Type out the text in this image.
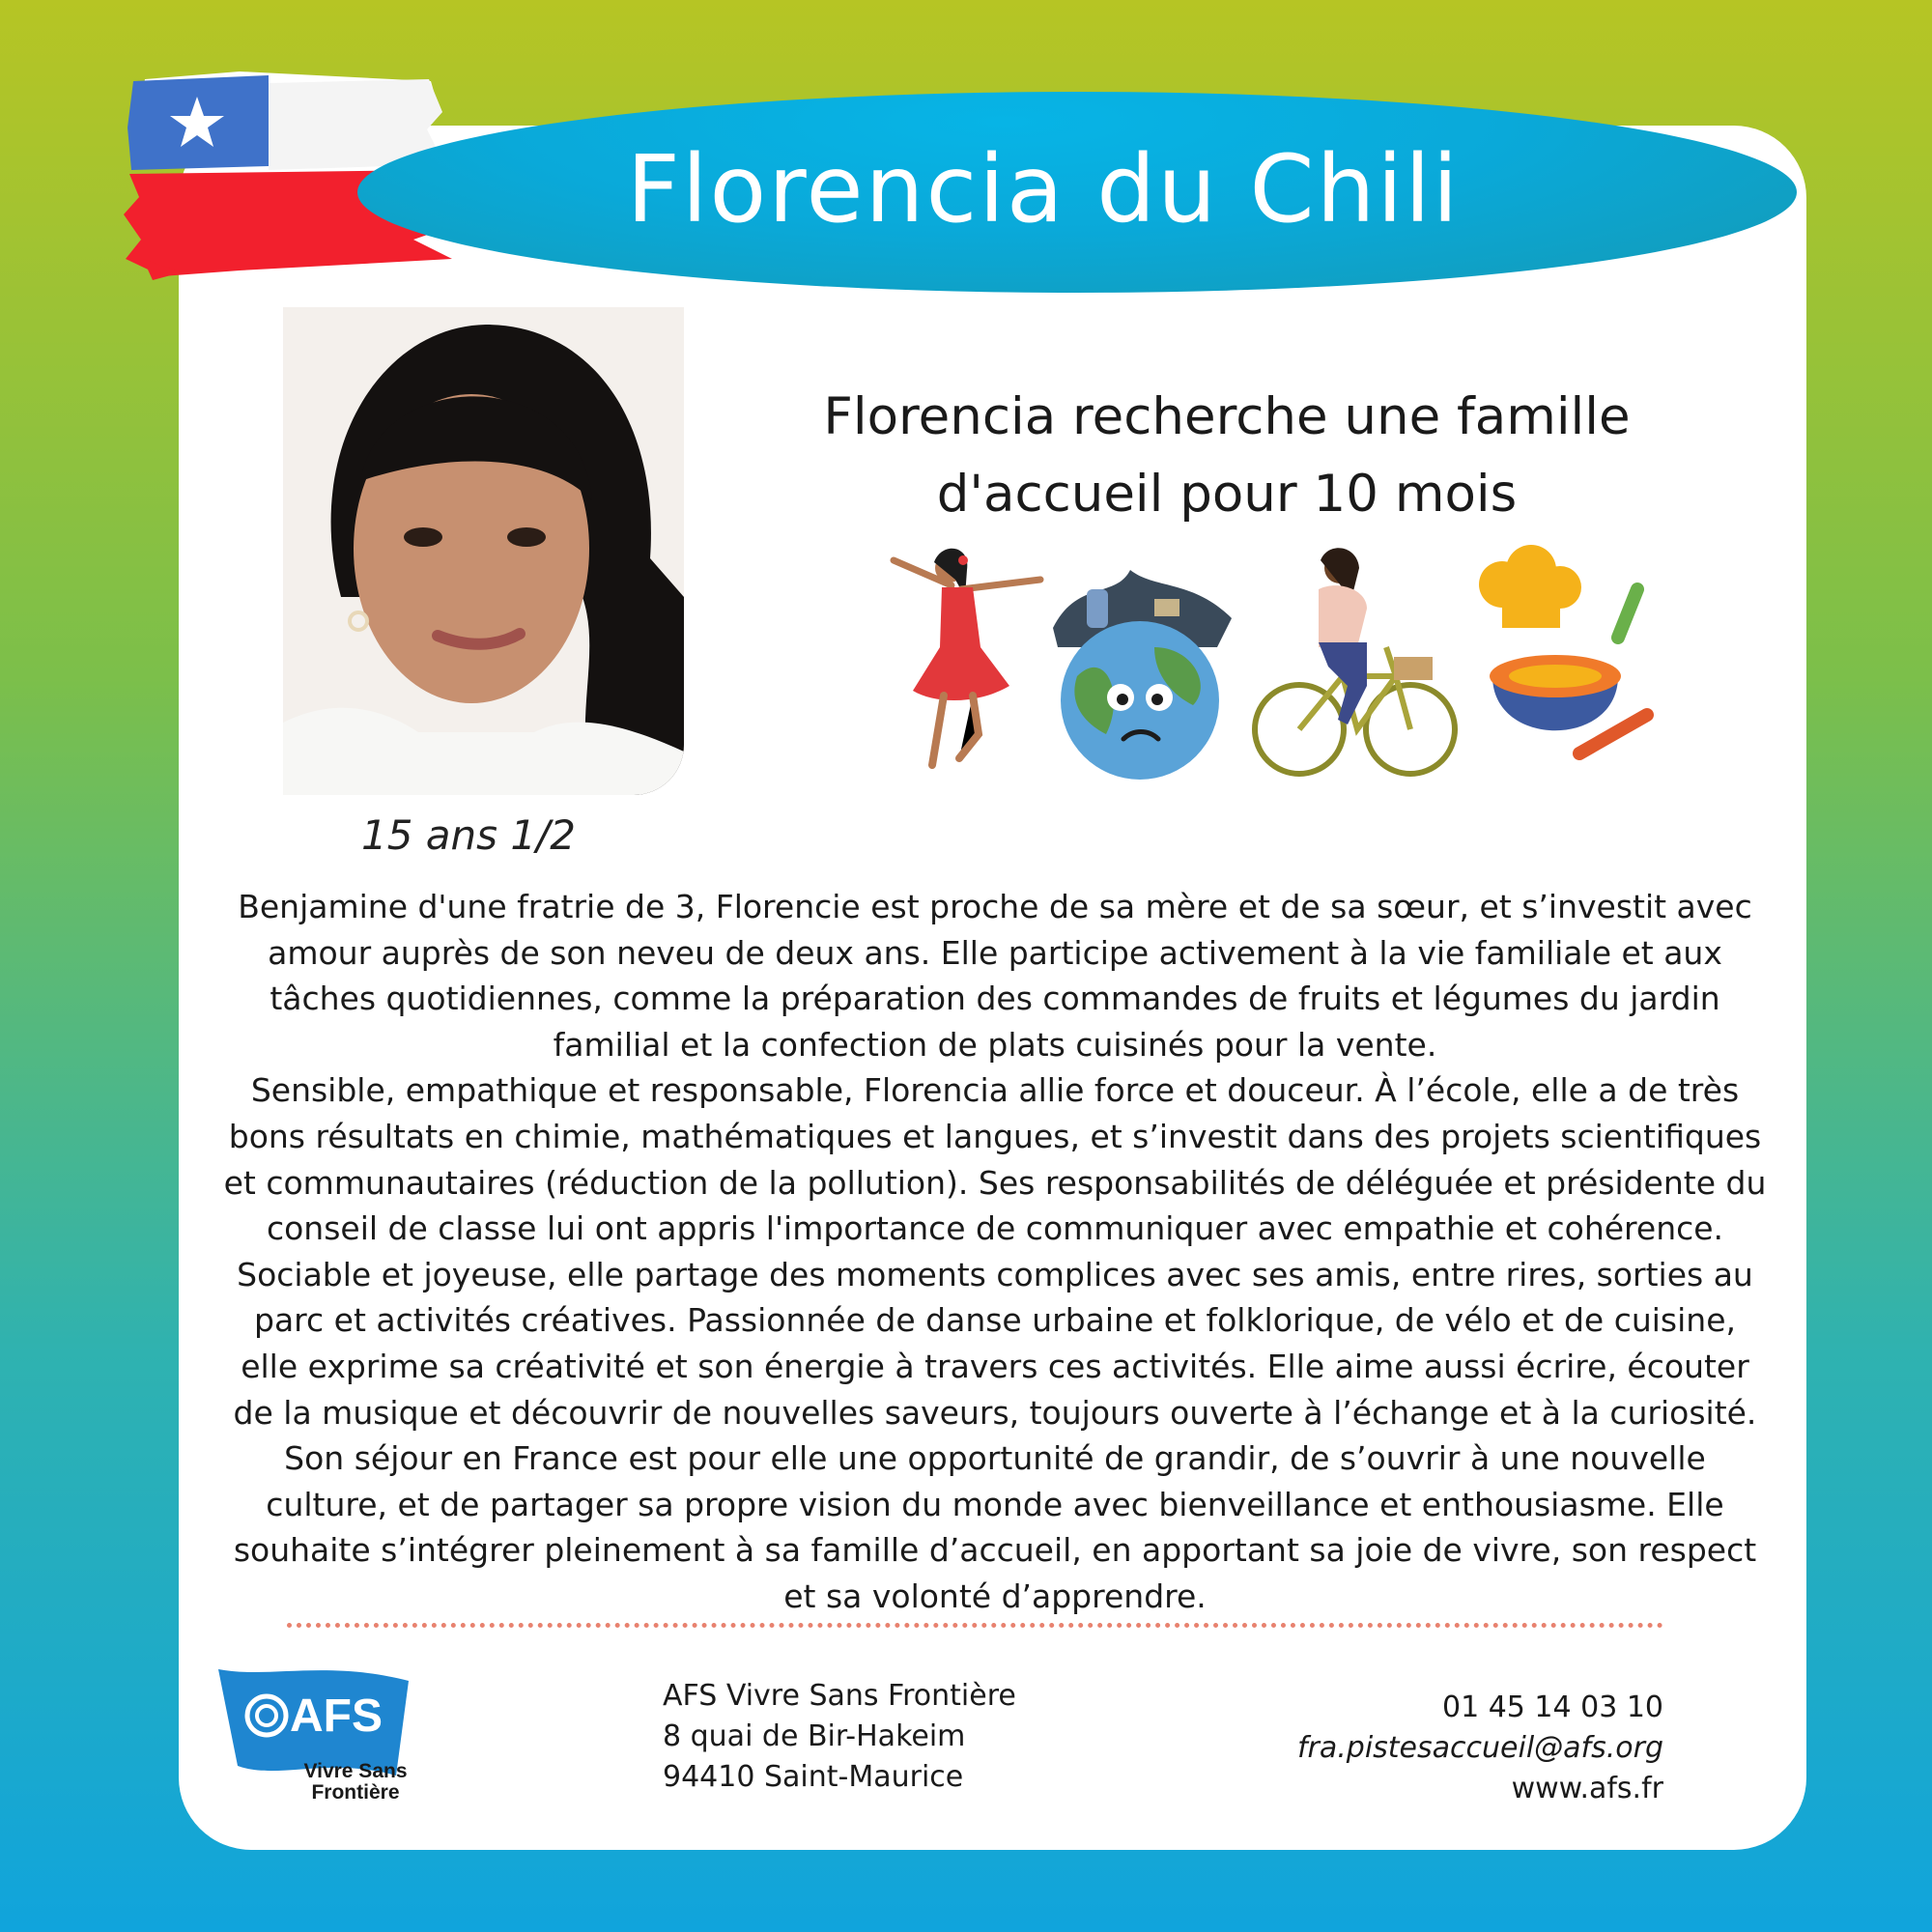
Florencia du Chili
15 ans 1/2
Florencia recherche une famille
d'accueil pour 10 mois

Benjamine d'une fratrie de 3, Florencie est proche de sa mère et de sa sœur, et s’investit avec amour auprès de son neveu de deux ans. Elle participe activement à la vie familiale et aux tâches quotidiennes, comme la préparation des commandes de fruits et légumes du jardin familial et la confection de plats cuisinés pour la vente.

Sensible, empathique et responsable, Florencia allie force et douceur. À l’école, elle a de très bons résultats en chimie, mathématiques et langues, et s’investit dans des projets scientifiques et communautaires (réduction de la pollution). Ses responsabilités de déléguée et présidente du conseil de classe lui ont appris l'importance de communiquer avec empathie et cohérence. Sociable et joyeuse, elle partage des moments complices avec ses amis, entre rires, sorties au parc et activités créatives. Passionnée de danse urbaine et folklorique, de vélo et de cuisine, elle exprime sa créativité et son énergie à travers ces activités. Elle aime aussi écrire, écouter de la musique et découvrir de nouvelles saveurs, toujours ouverte à l’échange et à la curiosité. Son séjour en France est pour elle une opportunité de grandir, de s’ouvrir à une nouvelle culture, et de partager sa propre vision du monde avec bienveillance et enthousiasme. Elle souhaite s’intégrer pleinement à sa famille d’accueil, en apportant sa joie de vivre, son respect et sa volonté d’apprendre.

AFS
Vivre Sans
Frontière
AFS Vivre Sans Frontière
8 quai de Bir-Hakeim
94410 Saint-Maurice
01 45 14 03 10
fra.pistesaccueil@afs.org
www.afs.fr
